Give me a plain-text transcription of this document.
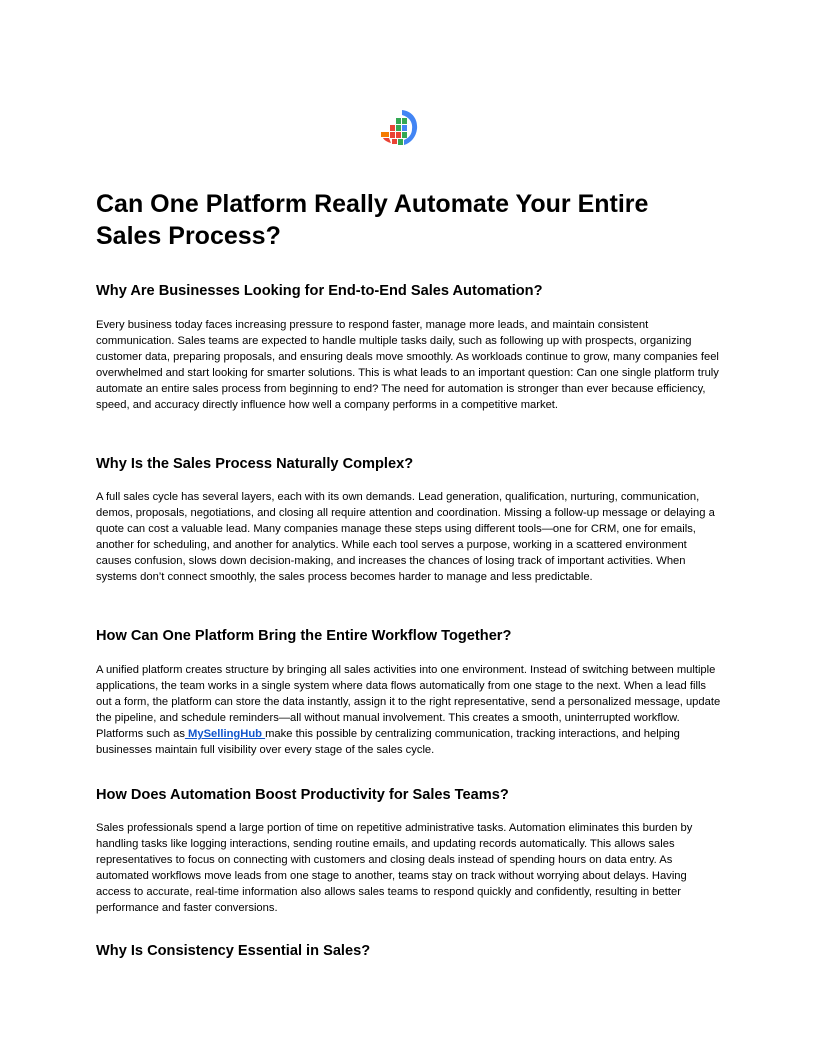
Can One Platform Really Automate Your Entire Sales Process?
Why Are Businesses Looking for End-to-End Sales Automation?

Every business today faces increasing pressure to respond faster, manage more leads, and maintain consistent communication. Sales teams are expected to handle multiple tasks daily, such as following up with prospects, organizing customer data, preparing proposals, and ensuring deals move smoothly. As workloads continue to grow, many companies feel overwhelmed and start looking for smarter solutions. This is what leads to an important question: Can one single platform truly automate an entire sales process from beginning to end? The need for automation is stronger than ever because efficiency, speed, and accuracy directly influence how well a company performs in a competitive market.

Why Is the Sales Process Naturally Complex?

A full sales cycle has several layers, each with its own demands. Lead generation, qualification, nurturing, communication, demos, proposals, negotiations, and closing all require attention and coordination. Missing a follow-up message or delaying a quote can cost a valuable lead. Many companies manage these steps using different tools—one for CRM, one for emails, another for scheduling, and another for analytics. While each tool serves a purpose, working in a scattered environment causes confusion, slows down decision-making, and increases the chances of losing track of important activities. When systems don’t connect smoothly, the sales process becomes harder to manage and less predictable.

How Can One Platform Bring the Entire Workflow Together?

A unified platform creates structure by bringing all sales activities into one environment. Instead of switching between multiple applications, the team works in a single system where data flows automatically from one stage to the next. When a lead fills out a form, the platform can store the data instantly, assign it to the right representative, send a personalized message, update the pipeline, and schedule reminders—all without manual involvement. This creates a smooth, uninterrupted workflow. Platforms such as MySellingHub make this possible by centralizing communication, tracking interactions, and helping businesses maintain full visibility over every stage of the sales cycle.

How Does Automation Boost Productivity for Sales Teams?

Sales professionals spend a large portion of time on repetitive administrative tasks. Automation eliminates this burden by handling tasks like logging interactions, sending routine emails, and updating records automatically. This allows sales representatives to focus on connecting with customers and closing deals instead of spending hours on data entry. As automated workflows move leads from one stage to another, teams stay on track without worrying about delays. Having access to accurate, real-time information also allows sales teams to respond quickly and confidently, resulting in better performance and faster conversions.

Why Is Consistency Essential in Sales?
